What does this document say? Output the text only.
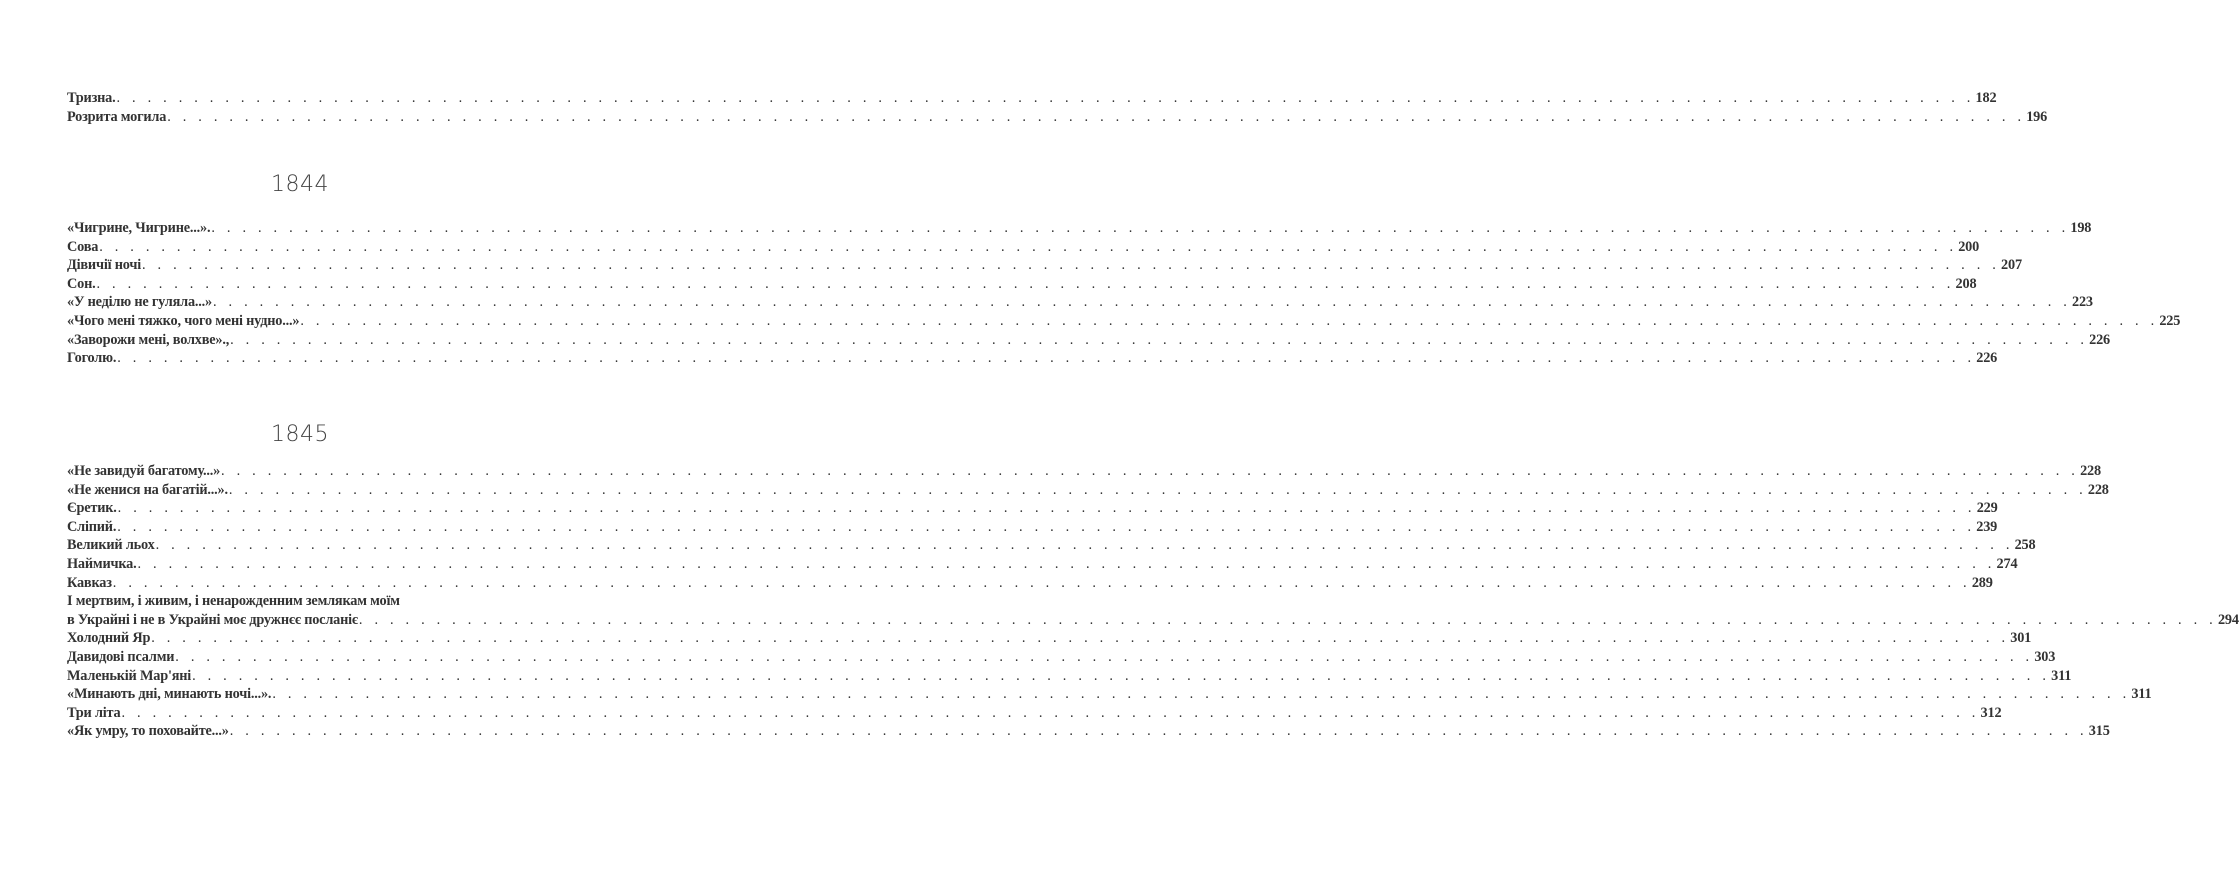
Тризна. . . . . . . . . . . . . . . . . . . . . . . . . . . . . . . . . . . . . . . . . . . . . . . . . . . . . . . . . . . . . . . . . . . . . . . . . . . . . . . . . . . . . . . . . . . . . . . . . . . . . . . . . . . . . . . . . . . . . . . . . 182
Розрита могила . . . . . . . . . . . . . . . . . . . . . . . . . . . . . . . . . . . . . . . . . . . . . . . . . . . . . . . . . . . . . . . . . . . . . . . . . . . . . . . . . . . . . . . . . . . . . . . . . . . . . . . . . . . . . . . . . . . . . . . . 196
1844
«Чигрине, Чигрине...». . . . . . . . . . . . . . . . . . . . . . . . . . . . . . . . . . . . . . . . . . . . . . . . . . . . . . . . . . . . . . . . . . . . . . . . . . . . . . . . . . . . . . . . . . . . . . . . . . . . . . . . . . . . . . . . . . . . . . . . . 198
Сова . . . . . . . . . . . . . . . . . . . . . . . . . . . . . . . . . . . . . . . . . . . . . . . . . . . . . . . . . . . . . . . . . . . . . . . . . . . . . . . . . . . . . . . . . . . . . . . . . . . . . . . . . . . . . . . . . . . . . . . . 200
Дівичії ночі . . . . . . . . . . . . . . . . . . . . . . . . . . . . . . . . . . . . . . . . . . . . . . . . . . . . . . . . . . . . . . . . . . . . . . . . . . . . . . . . . . . . . . . . . . . . . . . . . . . . . . . . . . . . . . . . . . . . . . . . 207
Сон. . . . . . . . . . . . . . . . . . . . . . . . . . . . . . . . . . . . . . . . . . . . . . . . . . . . . . . . . . . . . . . . . . . . . . . . . . . . . . . . . . . . . . . . . . . . . . . . . . . . . . . . . . . . . . . . . . . . . . . . . 208
«У неділю не гуляла...» . . . . . . . . . . . . . . . . . . . . . . . . . . . . . . . . . . . . . . . . . . . . . . . . . . . . . . . . . . . . . . . . . . . . . . . . . . . . . . . . . . . . . . . . . . . . . . . . . . . . . . . . . . . . . . . . . . . . . . . . 223
«Чого мені тяжко, чого мені нудно...» . . . . . . . . . . . . . . . . . . . . . . . . . . . . . . . . . . . . . . . . . . . . . . . . . . . . . . . . . . . . . . . . . . . . . . . . . . . . . . . . . . . . . . . . . . . . . . . . . . . . . . . . . . . . . . . . . . . . . . . . 225
«Заворожи мені, волхве»., . . . . . . . . . . . . . . . . . . . . . . . . . . . . . . . . . . . . . . . . . . . . . . . . . . . . . . . . . . . . . . . . . . . . . . . . . . . . . . . . . . . . . . . . . . . . . . . . . . . . . . . . . . . . . . . . . . . . . . . . 226
Гоголю. . . . . . . . . . . . . . . . . . . . . . . . . . . . . . . . . . . . . . . . . . . . . . . . . . . . . . . . . . . . . . . . . . . . . . . . . . . . . . . . . . . . . . . . . . . . . . . . . . . . . . . . . . . . . . . . . . . . . . . . . 226
1845
«Не завидуй багатому...» . . . . . . . . . . . . . . . . . . . . . . . . . . . . . . . . . . . . . . . . . . . . . . . . . . . . . . . . . . . . . . . . . . . . . . . . . . . . . . . . . . . . . . . . . . . . . . . . . . . . . . . . . . . . . . . . . . . . . . . . 228
«Не женися на багатій...». . . . . . . . . . . . . . . . . . . . . . . . . . . . . . . . . . . . . . . . . . . . . . . . . . . . . . . . . . . . . . . . . . . . . . . . . . . . . . . . . . . . . . . . . . . . . . . . . . . . . . . . . . . . . . . . . . . . . . . . . 228
Єретик. . . . . . . . . . . . . . . . . . . . . . . . . . . . . . . . . . . . . . . . . . . . . . . . . . . . . . . . . . . . . . . . . . . . . . . . . . . . . . . . . . . . . . . . . . . . . . . . . . . . . . . . . . . . . . . . . . . . . . . . . 229
Сліпий. . . . . . . . . . . . . . . . . . . . . . . . . . . . . . . . . . . . . . . . . . . . . . . . . . . . . . . . . . . . . . . . . . . . . . . . . . . . . . . . . . . . . . . . . . . . . . . . . . . . . . . . . . . . . . . . . . . . . . . . . 239
Великий льох . . . . . . . . . . . . . . . . . . . . . . . . . . . . . . . . . . . . . . . . . . . . . . . . . . . . . . . . . . . . . . . . . . . . . . . . . . . . . . . . . . . . . . . . . . . . . . . . . . . . . . . . . . . . . . . . . . . . . . . . 258
Наймичка. . . . . . . . . . . . . . . . . . . . . . . . . . . . . . . . . . . . . . . . . . . . . . . . . . . . . . . . . . . . . . . . . . . . . . . . . . . . . . . . . . . . . . . . . . . . . . . . . . . . . . . . . . . . . . . . . . . . . . . . . 274
Кавказ . . . . . . . . . . . . . . . . . . . . . . . . . . . . . . . . . . . . . . . . . . . . . . . . . . . . . . . . . . . . . . . . . . . . . . . . . . . . . . . . . . . . . . . . . . . . . . . . . . . . . . . . . . . . . . . . . . . . . . . . 289
І мертвим, і живим, і ненарожденним землякам моїм
в Украйні і не в Украйні моє дружнєє посланіє . . . . . . . . . . . . . . . . . . . . . . . . . . . . . . . . . . . . . . . . . . . . . . . . . . . . . . . . . . . . . . . . . . . . . . . . . . . . . . . . . . . . . . . . . . . . . . . . . . . . . . . . . . . . . . . . . . . . . . . . 294
Холодний Яр . . . . . . . . . . . . . . . . . . . . . . . . . . . . . . . . . . . . . . . . . . . . . . . . . . . . . . . . . . . . . . . . . . . . . . . . . . . . . . . . . . . . . . . . . . . . . . . . . . . . . . . . . . . . . . . . . . . . . . . . 301
Давидові псалми . . . . . . . . . . . . . . . . . . . . . . . . . . . . . . . . . . . . . . . . . . . . . . . . . . . . . . . . . . . . . . . . . . . . . . . . . . . . . . . . . . . . . . . . . . . . . . . . . . . . . . . . . . . . . . . . . . . . . . . . 303
Маленькій Мар'яні . . . . . . . . . . . . . . . . . . . . . . . . . . . . . . . . . . . . . . . . . . . . . . . . . . . . . . . . . . . . . . . . . . . . . . . . . . . . . . . . . . . . . . . . . . . . . . . . . . . . . . . . . . . . . . . . . . . . . . . . 311
«Минають дні, минають ночі...». . . . . . . . . . . . . . . . . . . . . . . . . . . . . . . . . . . . . . . . . . . . . . . . . . . . . . . . . . . . . . . . . . . . . . . . . . . . . . . . . . . . . . . . . . . . . . . . . . . . . . . . . . . . . . . . . . . . . . . . . 311
Три літа . . . . . . . . . . . . . . . . . . . . . . . . . . . . . . . . . . . . . . . . . . . . . . . . . . . . . . . . . . . . . . . . . . . . . . . . . . . . . . . . . . . . . . . . . . . . . . . . . . . . . . . . . . . . . . . . . . . . . . . . 312
«Як умру, то поховайте...» . . . . . . . . . . . . . . . . . . . . . . . . . . . . . . . . . . . . . . . . . . . . . . . . . . . . . . . . . . . . . . . . . . . . . . . . . . . . . . . . . . . . . . . . . . . . . . . . . . . . . . . . . . . . . . . . . . . . . . . . 315
